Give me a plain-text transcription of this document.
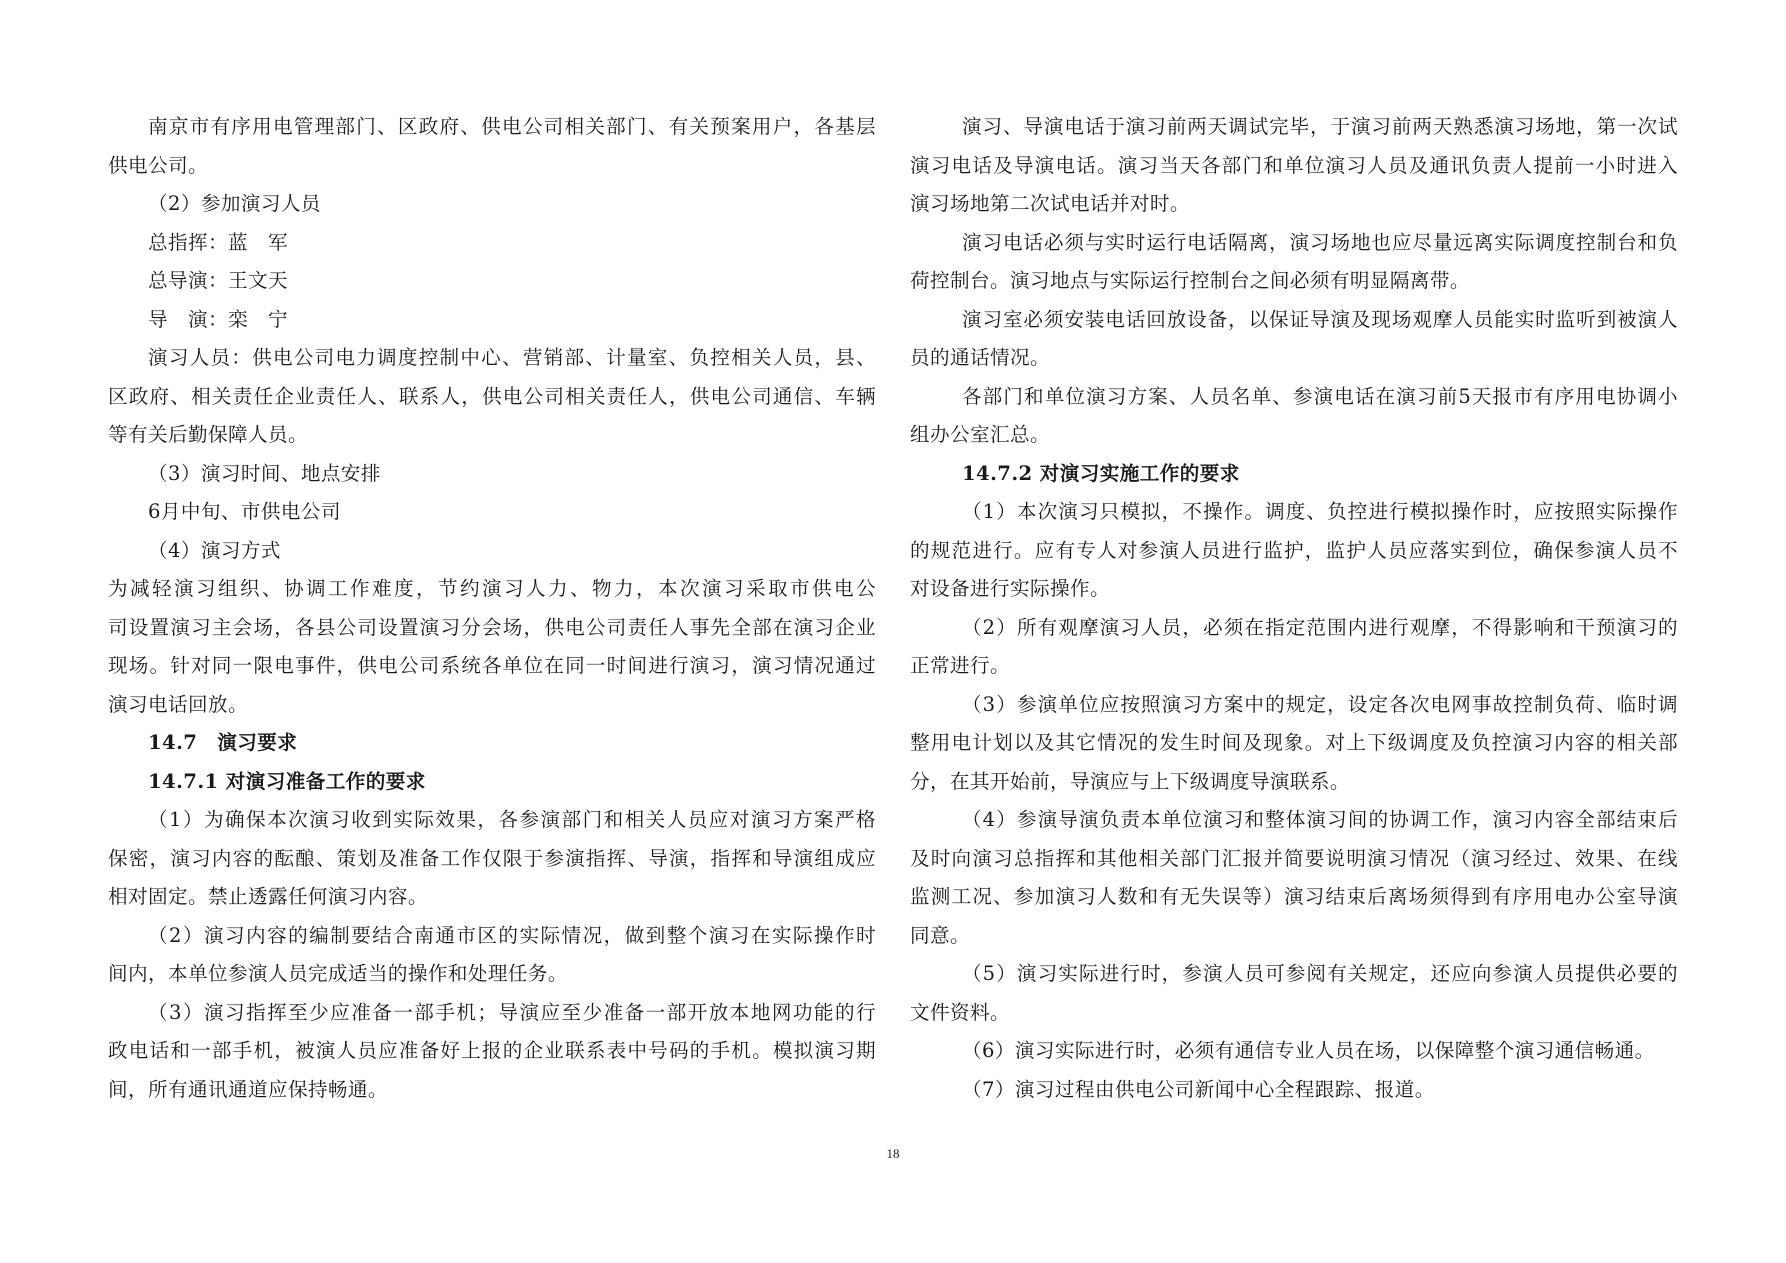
南京市有序用电管理部门、区政府、供电公司相关部门、有关预案用户，各基层
供电公司。
（2）参加演习人员
总指挥：蓝　军
总导演：王文天
导　演：栾　宁
演习人员：供电公司电力调度控制中心、营销部、计量室、负控相关人员，县、
区政府、相关责任企业责任人、联系人，供电公司相关责任人，供电公司通信、车辆
等有关后勤保障人员。
（3）演习时间、地点安排
6月中旬、市供电公司
（4）演习方式
为减轻演习组织、协调工作难度，节约演习人力、物力，本次演习采取市供电公
司设置演习主会场，各县公司设置演习分会场，供电公司责任人事先全部在演习企业
现场。针对同一限电事件，供电公司系统各单位在同一时间进行演习，演习情况通过
演习电话回放。
14.7　演习要求
14.7.1 对演习准备工作的要求
（1）为确保本次演习收到实际效果，各参演部门和相关人员应对演习方案严格
保密，演习内容的酝酿、策划及准备工作仅限于参演指挥、导演，指挥和导演组成应
相对固定。禁止透露任何演习内容。
（2）演习内容的编制要结合南通市区的实际情况，做到整个演习在实际操作时
间内，本单位参演人员完成适当的操作和处理任务。
（3）演习指挥至少应准备一部手机；导演应至少准备一部开放本地网功能的行
政电话和一部手机，被演人员应准备好上报的企业联系表中号码的手机。模拟演习期
间，所有通讯通道应保持畅通。
演习、导演电话于演习前两天调试完毕，于演习前两天熟悉演习场地，第一次试
演习电话及导演电话。演习当天各部门和单位演习人员及通讯负责人提前一小时进入
演习场地第二次试电话并对时。
演习电话必须与实时运行电话隔离，演习场地也应尽量远离实际调度控制台和负
荷控制台。演习地点与实际运行控制台之间必须有明显隔离带。
演习室必须安装电话回放设备，以保证导演及现场观摩人员能实时监听到被演人
员的通话情况。
各部门和单位演习方案、人员名单、参演电话在演习前5天报市有序用电协调小
组办公室汇总。
14.7.2 对演习实施工作的要求
（1）本次演习只模拟，不操作。调度、负控进行模拟操作时，应按照实际操作
的规范进行。应有专人对参演人员进行监护，监护人员应落实到位，确保参演人员不
对设备进行实际操作。
（2）所有观摩演习人员，必须在指定范围内进行观摩，不得影响和干预演习的
正常进行。
（3）参演单位应按照演习方案中的规定，设定各次电网事故控制负荷、临时调
整用电计划以及其它情况的发生时间及现象。对上下级调度及负控演习内容的相关部
分，在其开始前，导演应与上下级调度导演联系。
（4）参演导演负责本单位演习和整体演习间的协调工作，演习内容全部结束后
及时向演习总指挥和其他相关部门汇报并简要说明演习情况（演习经过、效果、在线
监测工况、参加演习人数和有无失误等）演习结束后离场须得到有序用电办公室导演
同意。
（5）演习实际进行时，参演人员可参阅有关规定，还应向参演人员提供必要的
文件资料。
（6）演习实际进行时，必须有通信专业人员在场，以保障整个演习通信畅通。
（7）演习过程由供电公司新闻中心全程跟踪、报道。
18
